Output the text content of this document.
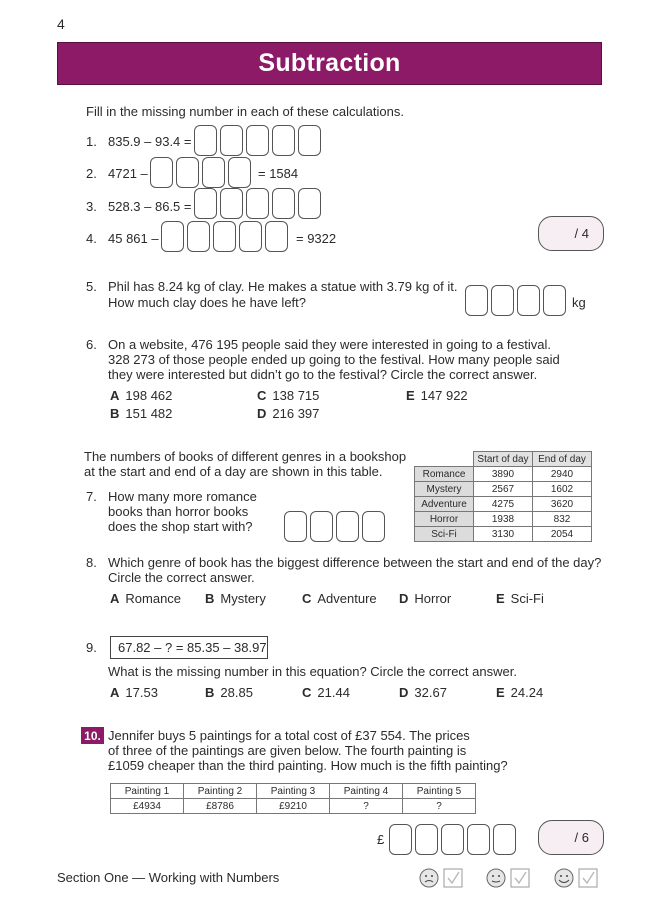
4
Subtraction
Fill in the missing number in each of these calculations.
1. 835.9 – 93.4 =
2. 4721 –	= 1584
3. 528.3 – 86.5 =
4. 45 861 –	= 9322	/ 4
5. Phil has 8.24 kg of clay. He makes a statue with 3.79 kg of it.
How much clay does he have left?	kg
6. On a website, 476 195 people said they were interested in going to a festival.
328 273 of those people ended up going to the festival. How many people said
they were interested but didn’t go to the festival? Circle the correct answer.
A 198 462	C 138 715	E 147 922
B 151 482	D 216 397
The numbers of books of different genres in a bookshop
at the start and end of a day are shown in this table.
	Start of day	End of day
Romance	3890	2940
Mystery	2567	1602
Adventure	4275	3620
Horror	1938	832
Sci-Fi	3130	2054
7. How many more romance
books than horror books
does the shop start with?
8. Which genre of book has the biggest difference between the start and end of the day?
Circle the correct answer.
A Romance B Mystery	C Adventure D Horror	E Sci-Fi
9.	67.82 – ? = 85.35 – 38.97
What is the missing number in this equation? Circle the correct answer.
A 17.53	B 28.85	C 21.44	D 32.67	E 24.24
10. Jennifer buys 5 paintings for a total cost of £37 554. The prices
of three of the paintings are given below. The fourth painting is
£1059 cheaper than the third painting. How much is the fifth painting?
Painting 1	Painting 2	Painting 3	Painting 4	Painting 5
£4934	£8786	£9210	?	?
£	/ 6
Section One — Working with Numbers
